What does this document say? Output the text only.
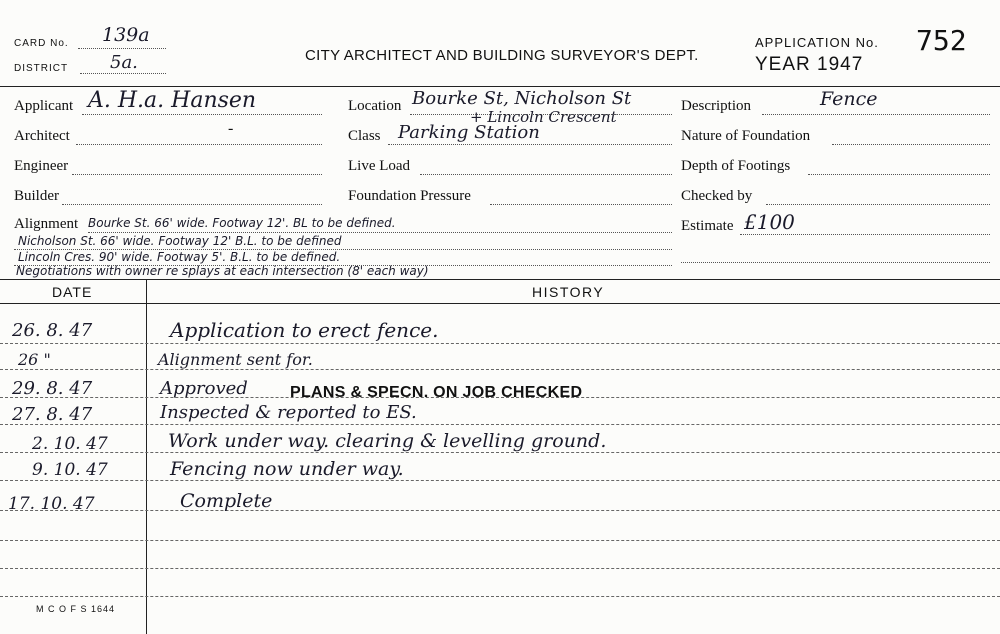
CARD No. 139a
DISTRICT 5a.	CITY ARCHITECT AND BUILDING SURVEYOR'S DEPT.
APPLICATION No. 752
YEAR 1947
Applicant A. H.a. Hansen
Architect	-
Engineer
Builder
Location Bourke St, Nicholson St
+ Lincoln Crescent
Class Parking Station
Live Load
Foundation Pressure
Description	Fence
Nature of Foundation
Depth of Footings
Checked by
Estimate £100
Alignment Bourke St. 66' wide. Footway 12'. BL to be defined.
Nicholson St. 66' wide. Footway 12' B.L. to be defined
Lincoln Cres. 90' wide. Footway 5'. B.L. to be defined.
Negotiations with owner re splays at each intersection (8' each way)
DATE	HISTORY
26. 8. 47	Application to erect fence.
26 "	Alignment sent for.
29. 8. 47	Approved	PLANS & SPECN. ON JOB CHECKED
27. 8. 47	Inspected & reported to ES.
2. 10. 47	Work under way. clearing & levelling ground.
9. 10. 47	Fencing now under way.
17. 10. 47	Complete
M C O F S 1644
